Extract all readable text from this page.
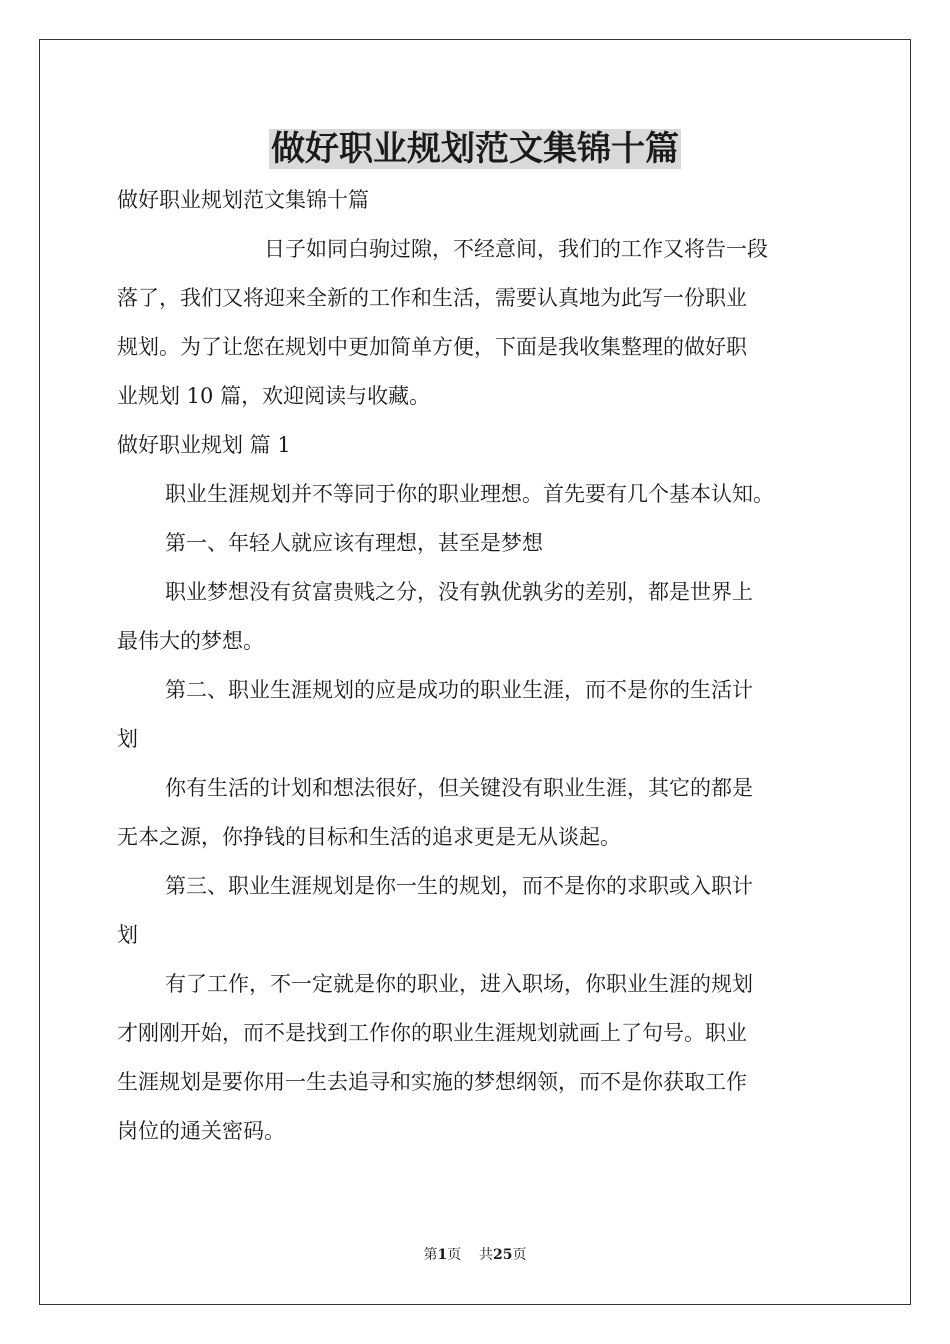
做好职业规划范文集锦十篇

做好职业规划范文集锦十篇

日子如同白驹过隙，不经意间，我们的工作又将告一段

落了，我们又将迎来全新的工作和生活，需要认真地为此写一份职业

规划。为了让您在规划中更加简单方便，下面是我收集整理的做好职

业规划 10 篇，欢迎阅读与收藏。

做好职业规划 篇 1

职业生涯规划并不等同于你的职业理想。首先要有几个基本认知。

第一、年轻人就应该有理想，甚至是梦想

职业梦想没有贫富贵贱之分，没有孰优孰劣的差别，都是世界上

最伟大的梦想。

第二、职业生涯规划的应是成功的职业生涯，而不是你的生活计

划

你有生活的计划和想法很好，但关键没有职业生涯，其它的都是

无本之源，你挣钱的目标和生活的追求更是无从谈起。

第三、职业生涯规划是你一生的规划，而不是你的求职或入职计

划

有了工作，不一定就是你的职业，进入职场，你职业生涯的规划

才刚刚开始，而不是找到工作你的职业生涯规划就画上了句号。职业

生涯规划是要你用一生去追寻和实施的梦想纲领，而不是你获取工作

岗位的通关密码。

第1页    共25页
